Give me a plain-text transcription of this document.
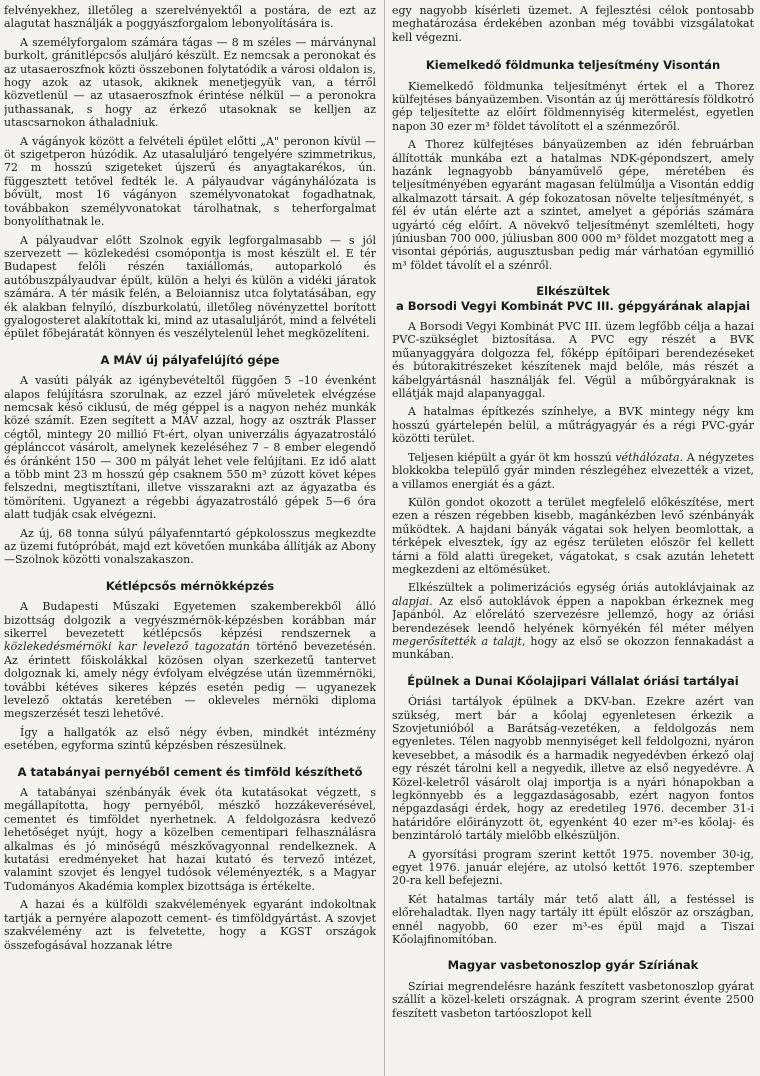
felvényekhez, illetőleg a szerelvényektől a postára, de ezt az alagutat használják a poggyászforgalom lebonyolítására is.

A személyforgalom számára tágas — 8 m széles — márványnal burkolt, gránitlépcsős aluljáró készült. Ez nemcsak a peronokat és az utasaeroszfnok közti összebonen folytatódik a városi oldalon is, hogy azok az utasok, akiknek menetjegyük van, a térről közvetlenül — az utasaeroszfnok érintése nélkül — a peronokra juthassanak, s hogy az érkező utasoknak se kelljen az utascsarnokon áthaladniuk.

A vágányok között a felvételi épület előtti „A" peronon kívül — öt szigetperon húzódik. Az utasaluljáró tengelyére szimmetrikus, 72 m hosszú szigeteket újszerű és anyagtakarékos, ún. függesztett tetővel fedték le. A pályaudvar vágányhálózata is bővült, most 16 vágányon személyvonatokat fogadhatnak, továbbakon személyvonatokat tárolhatnak, s teherforgalmat bonyolíthatnak le.

A pályaudvar előtt Szolnok egyik legforgalmasabb — s jól szervezett — közlekedési csomópontja is most készült el. E tér Budapest felőli részén taxiállomás, autoparkoló és autóbuszpályaudvar épült, külön a helyi és külön a vidéki járatok számára. A tér másik felén, a Beloiannisz utca folytatásában, egy ék alakban felnyíló, díszburkolatú, illetőleg növényzettel borított gyalogosteret alakítottak ki, mind az utasaluljárót, mind a felvételi épület főbejáratát könnyen és veszélytelenül lehet megközelíteni.

A MÁV új pályafelújító gépe

A vasúti pályák az igénybevételtől függően 5 –10 évenként alapos felújításra szorulnak, az ezzel járó műveletek elvégzése nemcsak késő ciklusú, de még géppel is a nagyon nehéz munkák közé számít. Ezen segített a MÁV azzal, hogy az osztrák Plasser cégtől, mintegy 20 millió Ft-ért, olyan univerzális ágyazatrostáló géplánccot vásárolt, amelynek kezeléséhez 7 – 8 ember elegendő és óránként 150 — 300 m pályát lehet vele felújítani. Ez idő alatt a több mint 23 m hosszú gép csaknem 550 m³ zúzott követ képes felszedni, megtisztítani, illetve visszarakni azt az ágyazatba és tömöríteni. Ugyanezt a régebbi ágyazatrostáló gépek 5—6 óra alatt tudják csak elvégezni.

Az új, 68 tonna súlyú pályafenntartó gépkolosszus megkezdte az üzemi futópróbát, majd ezt követően munkába állítják az Abony—Szolnok közötti vonalszakaszon.

Kétlépcsős mérnökképzés

A Budapesti Műszaki Egyetemen szakemberekből álló bizottság dolgozik a vegyészmérnök-képzésben korábban már sikerrel bevezetett kétlépcsős képzési rendszernek a közlekedésmérnöki kar levelező tagozatán történő bevezetésén. Az érintett főiskolákkal közösen olyan szerkezetű tantervet dolgoznak ki, amely négy évfolyam elvégzése után üzemmérnöki, további kétéves sikeres képzés esetén pedig — ugyanezek levelező oktatás keretében — okleveles mérnöki diploma megszerzését teszi lehetővé.

Így a hallgatók az első négy évben, mindkét intézmény esetében, egyforma szintű képzésben részesülnek.

A tatabányai pernyéből cement és timföld készíthető

A tatabányai szénbányák évek óta kutatásokat végzett, s megállapította, hogy pernyéből, mészkő hozzákeverésével, cementet és timföldet nyerhetnek. A feldolgozásra kedvező lehetőséget nyújt, hogy a közelben cementipari felhasználásra alkalmas és jó minőségű mészkővagyonnal rendelkeznek. A kutatási eredményeket hat hazai kutató és tervező intézet, valamint szovjet és lengyel tudósok véleményezték, s a Magyar Tudományos Akadémia komplex bizottsága is értékelte.

A hazai és a külföldi szakvélemények egyaránt indokoltnak tartják a pernyére alapozott cement- és timföldgyártást. A szovjet szakvélemény azt is felvetette, hogy a KGST országok összefogásával hozzanak létre

egy nagyobb kísérleti üzemet. A fejlesztési célok pontosabb meghatározása érdekében azonban még további vizsgálatokat kell végezni.

Kiemelkedő földmunka teljesítmény Visontán

Kiemelkedő földmunka teljesítményt értek el a Thorez külfejtéses bányaüzemben. Visontán az új meröttáresís földkotró gép teljesítette az előírt földmennyiség kitermelést, egyetlen napon 30 ezer m³ földet távolított el a szénmezőről.

A Thorez külfejtéses bányaüzemben az idén februárban állították munkába ezt a hatalmas NDK-gépondszert, amely hazánk legnagyobb bányaművelő gépe, méretében és teljesítményében egyaránt magasan felülmúlja a Visontán eddig alkalmazott társait. A gép fokozatosan növelte teljesítményét, s fél év után elérte azt a szintet, amelyet a gépóriás számára ugyártó cég előírt. A növekvő teljesítményt szemlélteti, hogy júniusban 700 000, júliusban 800 000 m³ földet mozgatott meg a visontai gépóriás, augusztusban pedig már várhatóan egymillió m³ földet távolít el a szénről.

Elkészültek
a Borsodi Vegyi Kombinát PVC III. gépgyárának alapjai

A Borsodi Vegyi Kombinát PVC III. üzem legfőbb célja a hazai PVC-szükséglet biztosítása. A PVC egy részét a BVK műanyaggyára dolgozza fel, főképp építőipari berendezéseket és bútorakitrészeket készítenek majd belőle, más részét a kábelgyártásnál használják fel. Végül a műbőrgyáraknak is ellátják majd alapanyaggal.

A hatalmas építkezés színhelye, a BVK mintegy négy km hosszú gyártelepén belül, a műtrágyagyár és a régi PVC-gyár közötti terület.

Teljesen kiépült a gyár öt km hosszú véthálózata. A négyzetes blokkokba települő gyár minden részlegéhez elvezették a vizet, a villamos energiát és a gázt.

Külön gondot okozott a terület megfelelő előkészítése, mert ezen a részen régebben kisebb, magánkézben levő szénbányák működtek. A hajdani bányák vágatai sok helyen beomlottak, a térképek elvesztek, így az egész területen először fel kellett tárni a föld alatti üregeket, vágatokat, s csak azután lehetett megkezdeni az eltömésüket.

Elkészültek a polimerizációs egység óriás autoklávjainak az alapjai. Az első autoklávok éppen a napokban érkeznek meg Japánból. Az előrelátó szervezésre jellemző, hogy az óriási berendezések leendő helyének környékén fél méter mélyen megerősítették a talajt, hogy az első se okozzon fennakadást a munkában.

Épülnek a Dunai Kőolajipari Vállalat óriási tartályai

Óriási tartályok épülnek a DKV-ban. Ezekre azért van szükség, mert bár a kőolaj egyenletesen érkezik a Szovjetunióból a Barátság-vezetéken, a feldolgozás nem egyenletes. Télen nagyobb mennyiséget kell feldolgozni, nyáron kevesebbet, a második és a harmadik negyedévben érkező olaj egy részét tárolni kell a negyedik, illetve az első negyedévre. A Közel-keletről vásárolt olaj importja is a nyári hónapokban a legkönnyebb és a leggazdaságosabb, ezért nagyon fontos népgazdasági érdek, hogy az eredetileg 1976. december 31-i határidőre előirányzott öt, egyenként 40 ezer m³-es kőolaj- és benzintároló tartály mielőbb elkészüljön.

A gyorsítási program szerint kettőt 1975. november 30-ig, egyet 1976. január elejére, az utolsó kettőt 1976. szeptember 20-ra kell befejezni.

Két hatalmas tartály már tető alatt áll, a festéssel is előrehaladtak. Ilyen nagy tartály itt épült először az országban, ennél nagyobb, 60 ezer m³-es épül majd a Tiszai Kőolajfinomítóban.

Magyar vasbetonoszlop gyár Szíriának

Szíriai megrendelésre hazánk feszített vasbetonoszlop gyárat szállít a közel-keleti országnak. A program szerint évente 2500 feszített vasbeton tartóoszlopot kell
